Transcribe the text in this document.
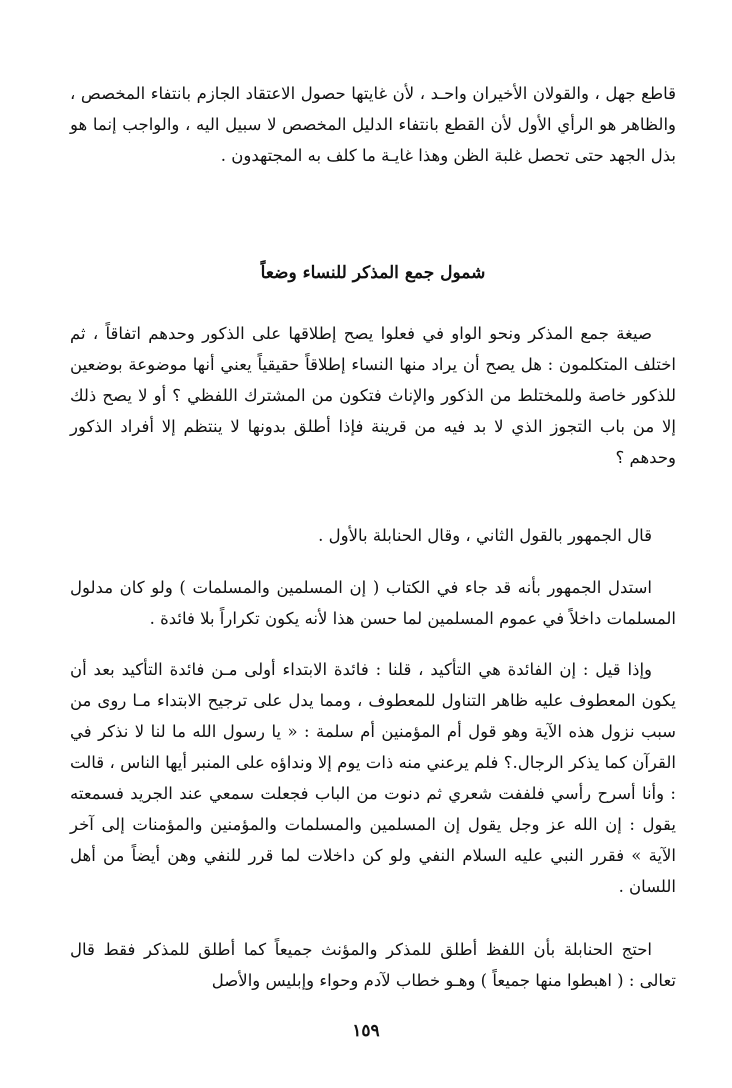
قاطع جهل ، والقولان الأخيران واحـد ، لأن غايتها حصول الاعتقاد الجازم بانتفاء المخصص ، والظاهر هو الرأي الأول لأن القطع بانتفاء الدليل المخصص لا سبيل اليه ، والواجب إنما هو بذل الجهد حتى تحصل غلبة الظن وهذا غايـة ما كلف به المجتهدون .

شمول جمع المذكر للنساء وضعاً

صيغة جمع المذكر ونحو الواو في فعلوا يصح إطلاقها على الذكور وحدهم اتفاقاً ، ثم اختلف المتكلمون : هل يصح أن يراد منها النساء إطلاقاً حقيقياً يعني أنها موضوعة بوضعين للذكور خاصة وللمختلط من الذكور والإناث فتكون من المشترك اللفظي ؟ أو لا يصح ذلك إلا من باب التجوز الذي لا بد فيه من قرينة فإذا أطلق بدونها لا ينتظم إلا أفراد الذكور وحدهم ؟

قال الجمهور بالقول الثاني ، وقال الحنابلة بالأول .

استدل الجمهور بأنه قد جاء في الكتاب ( إن المسلمين والمسلمات ) ولو كان مدلول المسلمات داخلاً في عموم المسلمين لما حسن هذا لأنه يكون تكراراً بلا فائدة .

وإذا قيل : إن الفائدة هي التأكيد ، قلنا : فائدة الابتداء أولى مـن فائدة التأكيد بعد أن يكون المعطوف عليه ظاهر التناول للمعطوف ، ومما يدل على ترجيح الابتداء مـا روى من سبب نزول هذه الآية وهو قول أم المؤمنين أم سلمة : « يا رسول الله ما لنا لا نذكر في القرآن كما يذكر الرجال.؟ فلم يرعني منه ذات يوم إلا ونداؤه على المنبر أيها الناس ، قالت : وأنا أسرح رأسي فلففت شعري ثم دنوت من الباب فجعلت سمعي عند الجريد فسمعته يقول : إن الله عز وجل يقول إن المسلمين والمسلمات والمؤمنين والمؤمنات إلى آخر الآية » فقرر النبي عليه السلام النفي ولو كن داخلات لما قرر للنفي وهن أيضاً من أهل اللسان .

احتج الحنابلة بأن اللفظ أطلق للمذكر والمؤنث جميعاً كما أطلق للمذكر فقط قال تعالى : ( اهبطوا منها جميعاً ) وهـو خطاب لآدم وحواء وإبليس والأصل

١٥٩
